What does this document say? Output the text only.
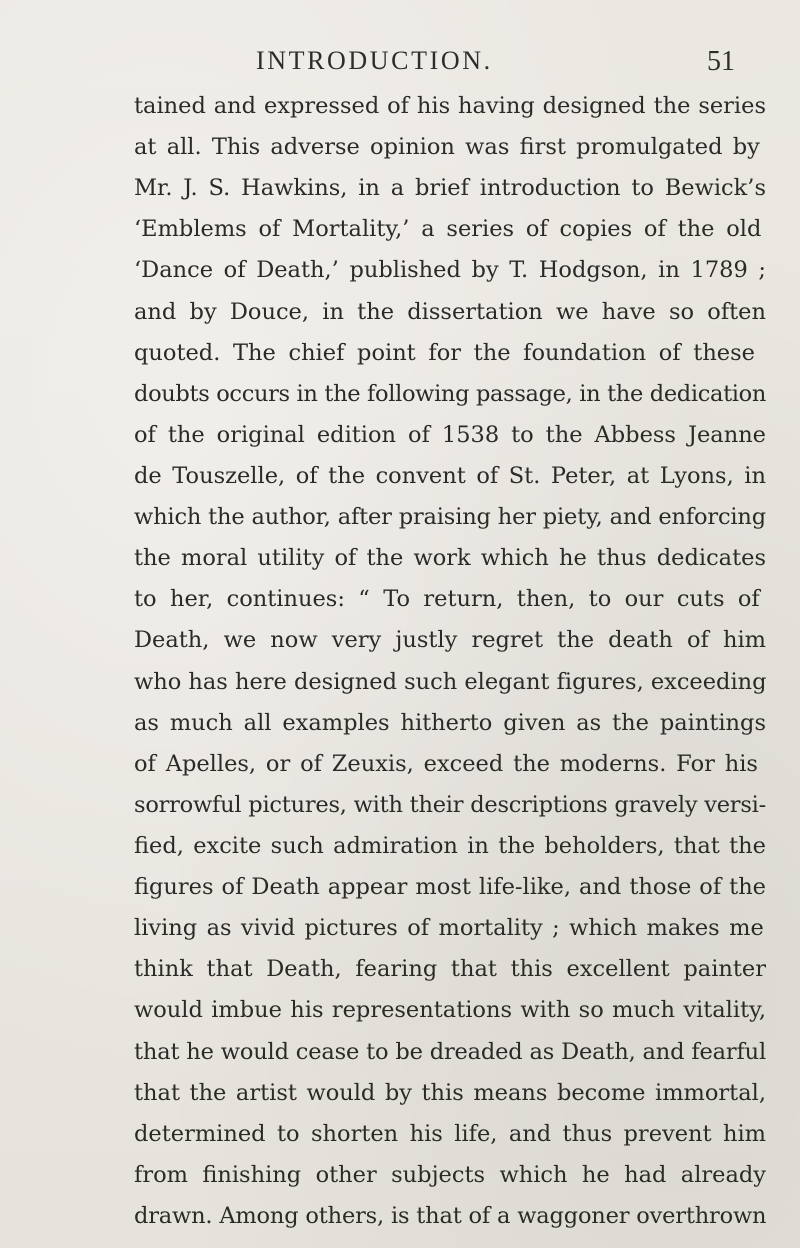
INTRODUCTION.	51
tained and expressed of his having designed the series
at all. This adverse opinion was first promulgated by
Mr. J. S. Hawkins, in a brief introduction to Bewick’s
‘Emblems of Mortality,’ a series of copies of the old
‘Dance of Death,’ published by T. Hodgson, in 1789 ;
and by Douce, in the dissertation we have so often
quoted. The chief point for the foundation of these
doubts occurs in the following passage, in the dedication
of the original edition of 1538 to the Abbess Jeanne
de Touszelle, of the convent of St. Peter, at Lyons, in
which the author, after praising her piety, and enforcing
the moral utility of the work which he thus dedicates
to her, continues: “ To return, then, to our cuts of
Death, we now very justly regret the death of him
who has here designed such elegant figures, exceeding
as much all examples hitherto given as the paintings
of Apelles, or of Zeuxis, exceed the moderns. For his
sorrowful pictures, with their descriptions gravely versi-
fied, excite such admiration in the beholders, that the
figures of Death appear most life-like, and those of the
living as vivid pictures of mortality ; which makes me
think that Death, fearing that this excellent painter
would imbue his representations with so much vitality,
that he would cease to be dreaded as Death, and fearful
that the artist would by this means become immortal,
determined to shorten his life, and thus prevent him
from finishing other subjects which he had already
drawn. Among others, is that of a waggoner overthrown
